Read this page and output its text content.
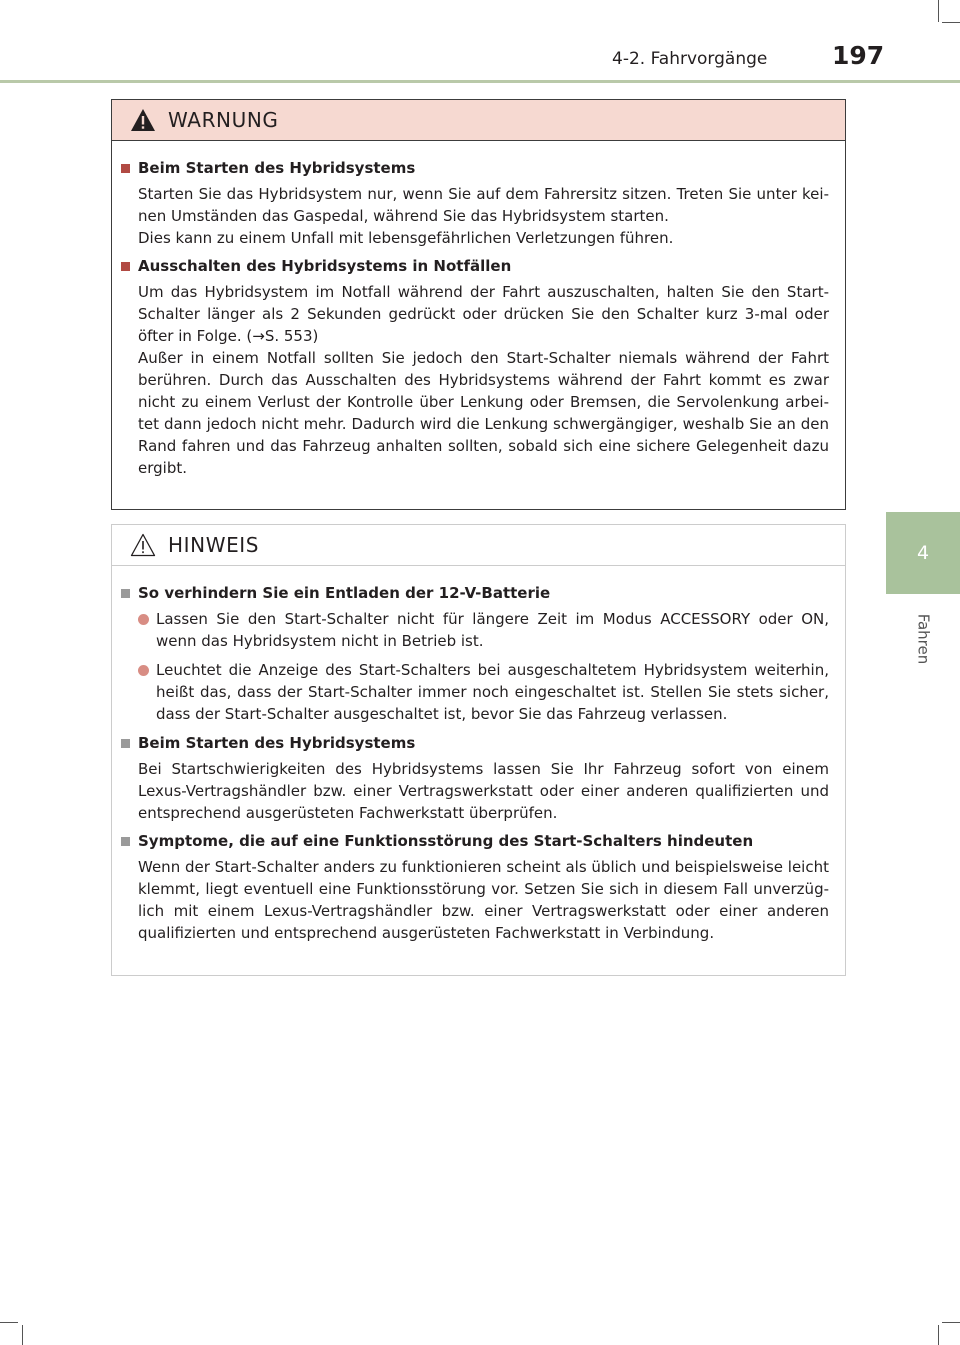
4-2. Fahrvorgänge	197
4
Fahren
WARNUNG
Beim Starten des Hybridsystems
Starten Sie das Hybridsystem nur, wenn Sie auf dem Fahrersitz sitzen. Treten Sie unter kei-nen Umständen das Gaspedal, während Sie das Hybridsystem starten.
Dies kann zu einem Unfall mit lebensgefährlichen Verletzungen führen.
Ausschalten des Hybridsystems in Notfällen
Um das Hybridsystem im Notfall während der Fahrt auszuschalten, halten Sie den Start-Schalter länger als 2 Sekunden gedrückt oder drücken Sie den Schalter kurz 3-mal oder öfter in Folge. (→S. 553)
Außer in einem Notfall sollten Sie jedoch den Start-Schalter niemals während der Fahrt berühren. Durch das Ausschalten des Hybridsystems während der Fahrt kommt es zwar nicht zu einem Verlust der Kontrolle über Lenkung oder Bremsen, die Servolenkung arbei-tet dann jedoch nicht mehr. Dadurch wird die Lenkung schwergängiger, weshalb Sie an den Rand fahren und das Fahrzeug anhalten sollten, sobald sich eine sichere Gelegenheit dazu ergibt.
HINWEIS
So verhindern Sie ein Entladen der 12-V-Batterie
Lassen Sie den Start-Schalter nicht für längere Zeit im Modus ACCESSORY oder ON, wenn das Hybridsystem nicht in Betrieb ist.
Leuchtet die Anzeige des Start-Schalters bei ausgeschaltetem Hybridsystem weiterhin, heißt das, dass der Start-Schalter immer noch eingeschaltet ist. Stellen Sie stets sicher, dass der Start-Schalter ausgeschaltet ist, bevor Sie das Fahrzeug verlassen.
Beim Starten des Hybridsystems
Bei Startschwierigkeiten des Hybridsystems lassen Sie Ihr Fahrzeug sofort von einem Lexus-Vertragshändler bzw. einer Vertragswerkstatt oder einer anderen qualifizierten und entsprechend ausgerüsteten Fachwerkstatt überprüfen.
Symptome, die auf eine Funktionsstörung des Start-Schalters hindeuten
Wenn der Start-Schalter anders zu funktionieren scheint als üblich und beispielsweise leicht klemmt, liegt eventuell eine Funktionsstörung vor. Setzen Sie sich in diesem Fall unverzüg-lich mit einem Lexus-Vertragshändler bzw. einer Vertragswerkstatt oder einer anderen qualifizierten und entsprechend ausgerüsteten Fachwerkstatt in Verbindung.
